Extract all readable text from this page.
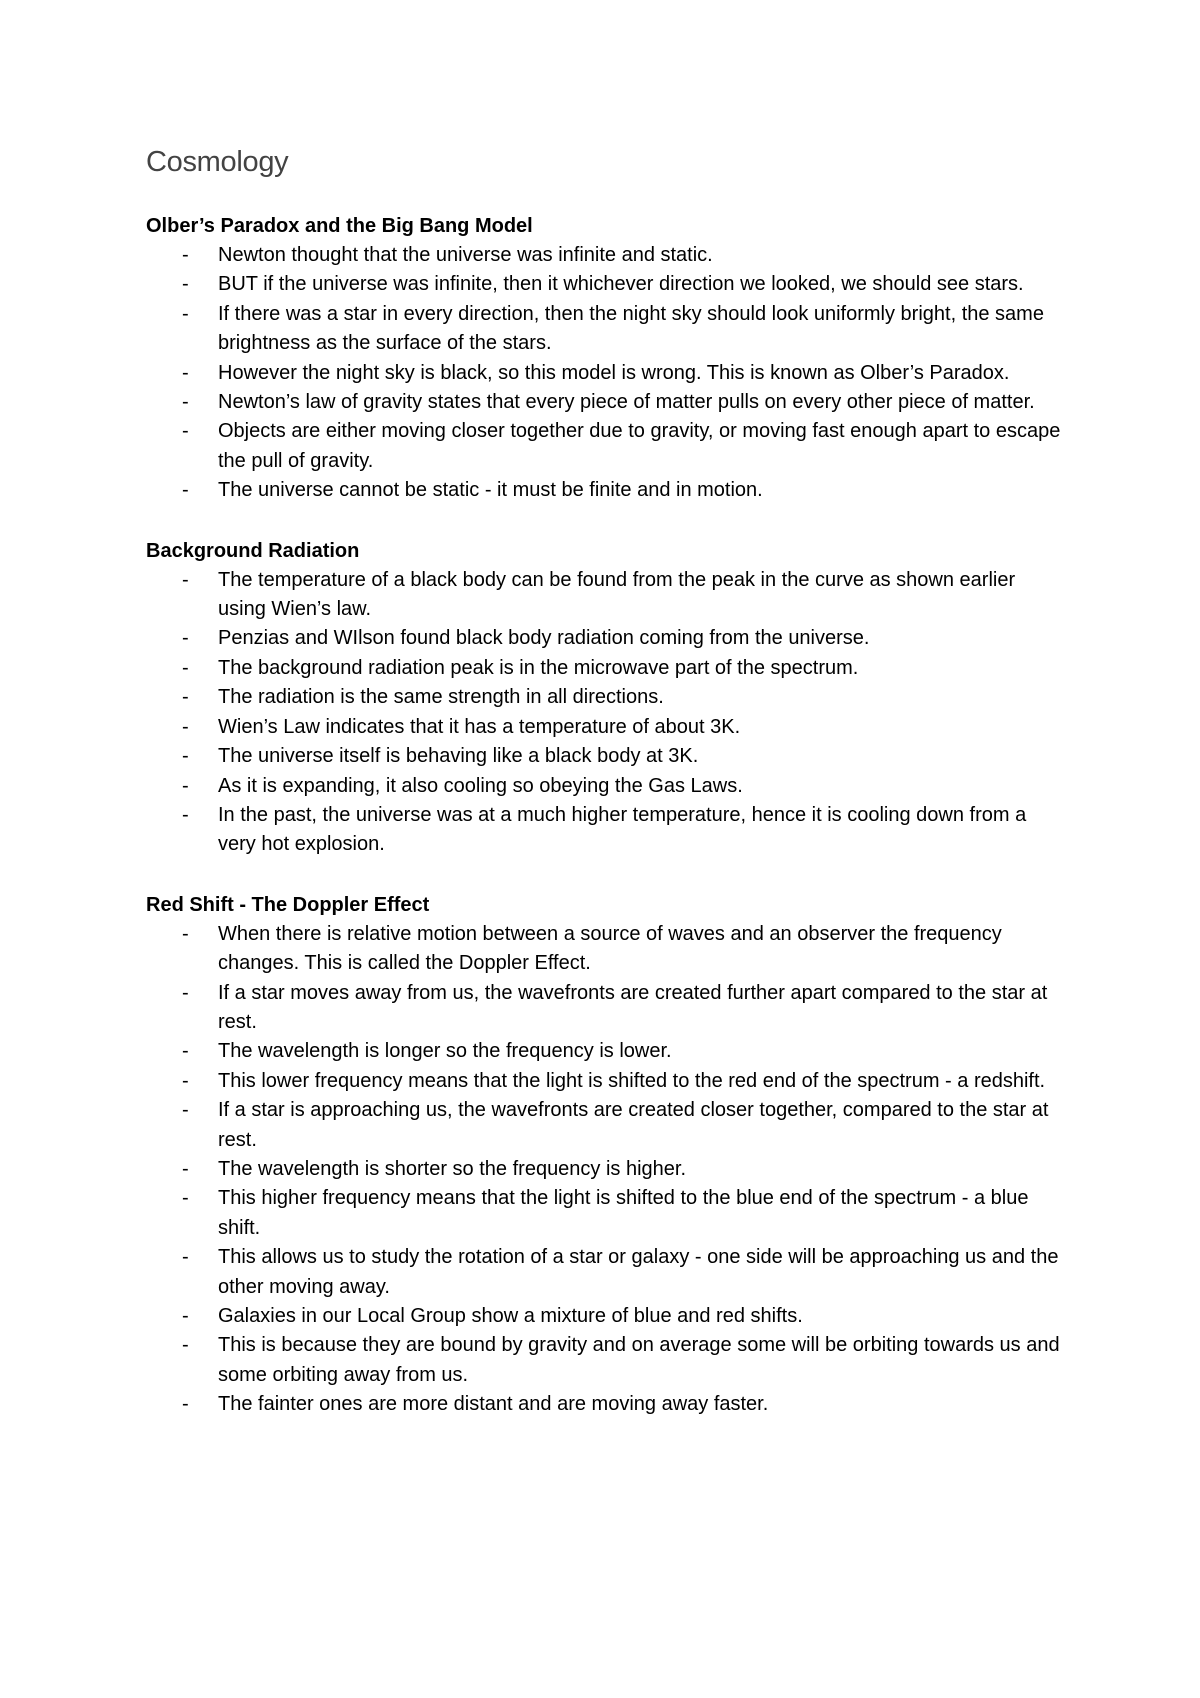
Cosmology
Olber’s Paradox and the Big Bang Model
- Newton thought that the universe was infinite and static.
- BUT if the universe was infinite, then it whichever direction we looked, we should see stars.
- If there was a star in every direction, then the night sky should look uniformly bright, the same brightness as the surface of the stars.
- However the night sky is black, so this model is wrong. This is known as Olber’s Paradox.
- Newton’s law of gravity states that every piece of matter pulls on every other piece of matter.
- Objects are either moving closer together due to gravity, or moving fast enough apart to escape the pull of gravity.
- The universe cannot be static - it must be finite and in motion.
Background Radiation
- The temperature of a black body can be found from the peak in the curve as shown earlier using Wien’s law.
- Penzias and WIlson found black body radiation coming from the universe.
- The background radiation peak is in the microwave part of the spectrum.
- The radiation is the same strength in all directions.
- Wien’s Law indicates that it has a temperature of about 3K.
- The universe itself is behaving like a black body at 3K.
- As it is expanding, it also cooling so obeying the Gas Laws.
- In the past, the universe was at a much higher temperature, hence it is cooling down from a very hot explosion.
Red Shift - The Doppler Effect
- When there is relative motion between a source of waves and an observer the frequency changes. This is called the Doppler Effect.
- If a star moves away from us, the wavefronts are created further apart compared to the star at rest.
- The wavelength is longer so the frequency is lower.
- This lower frequency means that the light is shifted to the red end of the spectrum - a redshift.
- If a star is approaching us, the wavefronts are created closer together, compared to the star at rest.
- The wavelength is shorter so the frequency is higher.
- This higher frequency means that the light is shifted to the blue end of the spectrum - a blue shift.
- This allows us to study the rotation of a star or galaxy - one side will be approaching us and the other moving away.
- Galaxies in our Local Group show a mixture of blue and red shifts.
- This is because they are bound by gravity and on average some will be orbiting towards us and some orbiting away from us.
- The fainter ones are more distant and are moving away faster.
